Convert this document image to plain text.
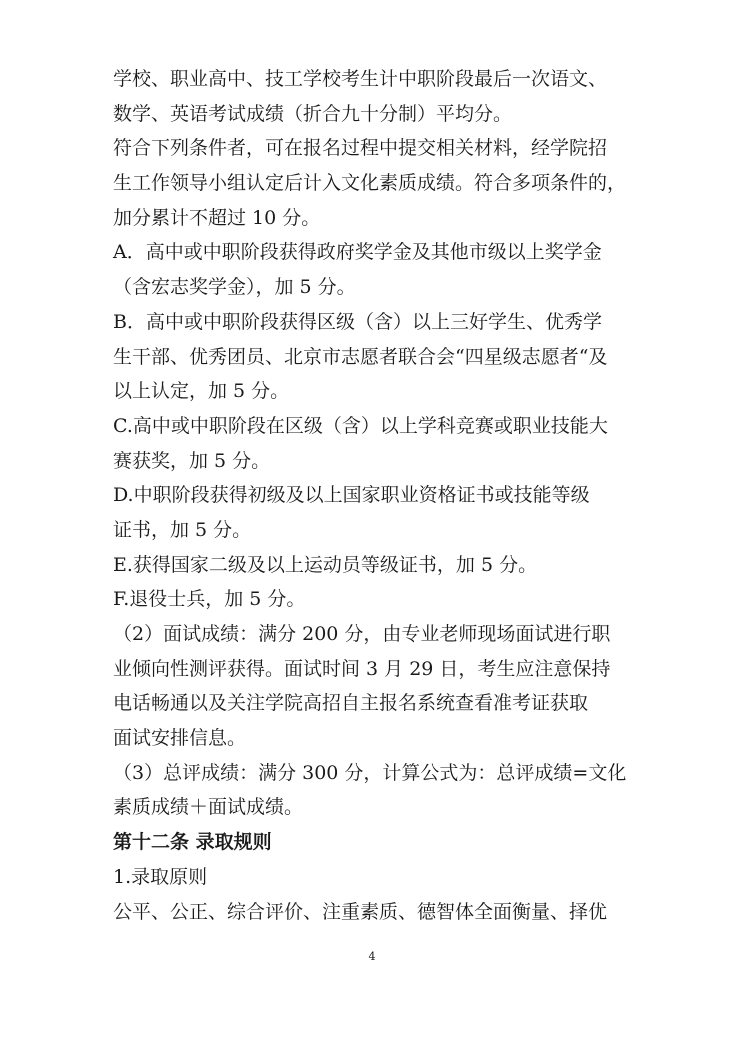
学校、职业高中、技工学校考生计中职阶段最后一次语文、
数学、英语考试成绩（折合九十分制）平均分。
符合下列条件者，可在报名过程中提交相关材料，经学院招
生工作领导小组认定后计入文化素质成绩。符合多项条件的，
加分累计不超过 10 分。
A．高中或中职阶段获得政府奖学金及其他市级以上奖学金
（含宏志奖学金），加 5 分。
B．高中或中职阶段获得区级（含）以上三好学生、优秀学
生干部、优秀团员、北京市志愿者联合会“四星级志愿者“及
以上认定，加 5 分。
C.高中或中职阶段在区级（含）以上学科竞赛或职业技能大
赛获奖，加 5 分。
D.中职阶段获得初级及以上国家职业资格证书或技能等级
证书，加 5 分。
E.获得国家二级及以上运动员等级证书，加 5 分。
F.退役士兵，加 5 分。
（2）面试成绩：满分 200 分，由专业老师现场面试进行职
业倾向性测评获得。面试时间 3 月 29 日，考生应注意保持
电话畅通以及关注学院高招自主报名系统查看准考证获取
面试安排信息。
（3）总评成绩：满分 300 分，计算公式为：总评成绩=文化
素质成绩＋面试成绩。
第十二条 录取规则
1.录取原则
公平、公正、综合评价、注重素质、德智体全面衡量、择优
4
